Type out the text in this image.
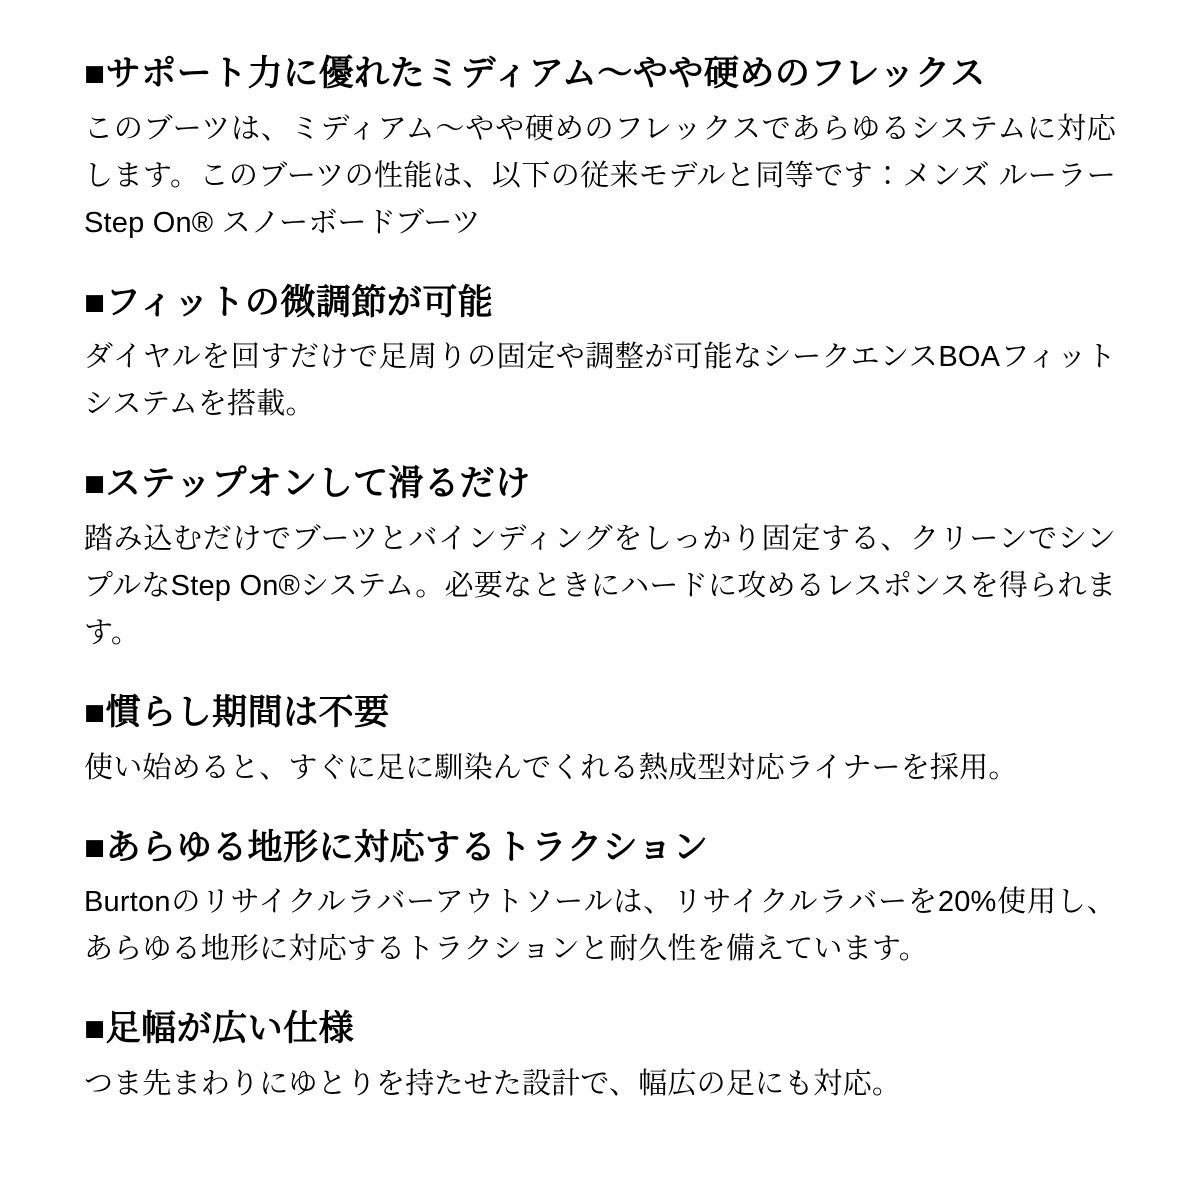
■サポート力に優れたミディアム〜やや硬めのフレックス

このブーツは、ミディアム〜やや硬めのフレックスであらゆるシステムに対応します。このブーツの性能は、以下の従来モデルと同等です：メンズ ルーラー Step On® スノーボードブーツ

■フィットの微調節が可能

ダイヤルを回すだけで足周りの固定や調整が可能なシークエンスBOAフィットシステムを搭載。

■ステップオンして滑るだけ

踏み込むだけでブーツとバインディングをしっかり固定する、クリーンでシンプルなStep On®システム。必要なときにハードに攻めるレスポンスを得られます。

■慣らし期間は不要

使い始めると、すぐに足に馴染んでくれる熱成型対応ライナーを採用。

■あらゆる地形に対応するトラクション

Burtonのリサイクルラバーアウトソールは、リサイクルラバーを20%使用し、あらゆる地形に対応するトラクションと耐久性を備えています。

■足幅が広い仕様

つま先まわりにゆとりを持たせた設計で、幅広の足にも対応。
